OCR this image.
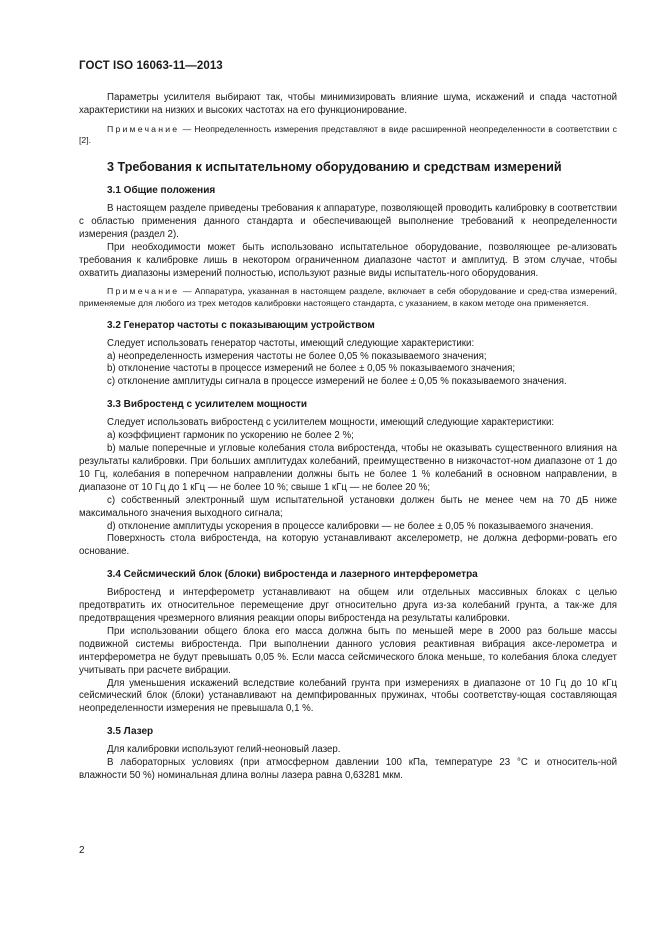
ГОСТ ISO 16063-11—2013

Параметры усилителя выбирают так, чтобы минимизировать влияние шума, искажений и спада частотной характеристики на низких и высоких частотах на его функционирование.

Примечание — Неопределенность измерения представляют в виде расширенной неопределенности в соответствии с [2].

3 Требования к испытательному оборудованию и средствам измерений
3.1 Общие положения

В настоящем разделе приведены требования к аппаратуре, позволяющей проводить калибровку в соответствии с областью применения данного стандарта и обеспечивающей выполнение требований к неопределенности измерения (раздел 2).

При необходимости может быть использовано испытательное оборудование, позволяющее ре-ализовать требования к калибровке лишь в некотором ограниченном диапазоне частот и амплитуд. В этом случае, чтобы охватить диапазоны измерений полностью, используют разные виды испытатель-ного оборудования.

Примечание — Аппаратура, указанная в настоящем разделе, включает в себя оборудование и сред-ства измерений, применяемые для любого из трех методов калибровки настоящего стандарта, с указанием, в каком методе она применяется.

3.2 Генератор частоты с показывающим устройством

Следует использовать генератор частоты, имеющий следующие характеристики:

a) неопределенность измерения частоты не более 0,05 % показываемого значения;

b) отклонение частоты в процессе измерений не более ± 0,05 % показываемого значения;

c) отклонение амплитуды сигнала в процессе измерений не более ± 0,05 % показываемого значения.

3.3 Вибростенд с усилителем мощности

Следует использовать вибростенд с усилителем мощности, имеющий следующие характеристики:

a) коэффициент гармоник по ускорению не более 2 %;

b) малые поперечные и угловые колебания стола вибростенда, чтобы не оказывать существенного влияния на результаты калибровки. При больших амплитудах колебаний, преимущественно в низкочастот-ном диапазоне от 1 до 10 Гц, колебания в поперечном направлении должны быть не более 1 % колебаний в основном направлении, в диапазоне от 10 Гц до 1 кГц — не более 10 %; свыше 1 кГц — не более 20 %;

c) собственный электронный шум испытательной установки должен быть не менее чем на 70 дБ ниже максимального значения выходного сигнала;

d) отклонение амплитуды ускорения в процессе калибровки — не более ± 0,05 % показываемого значения.

Поверхность стола вибростенда, на которую устанавливают акселерометр, не должна деформи-ровать его основание.

3.4 Сейсмический блок (блоки) вибростенда и лазерного интерферометра

Вибростенд и интерферометр устанавливают на общем или отдельных массивных блоках с целью предотвратить их относительное перемещение друг относительно друга из-за колебаний грунта, а так-же для предотвращения чрезмерного влияния реакции опоры вибростенда на результаты калибровки.

При использовании общего блока его масса должна быть по меньшей мере в 2000 раз больше массы подвижной системы вибростенда. При выполнении данного условия реактивная вибрация аксе-лерометра и интерферометра не будут превышать 0,05 %. Если масса сейсмического блока меньше, то колебания блока следует учитывать при расчете вибрации.

Для уменьшения искажений вследствие колебаний грунта при измерениях в диапазоне от 10 Гц до 10 кГц сейсмический блок (блоки) устанавливают на демпфированных пружинах, чтобы соответству-ющая составляющая неопределенности измерения не превышала 0,1 %.

3.5 Лазер

Для калибровки используют гелий-неоновый лазер.

В лабораторных условиях (при атмосферном давлении 100 кПа, температуре 23 °С и относитель-ной влажности 50 %) номинальная длина волны лазера равна 0,63281 мкм.

2
